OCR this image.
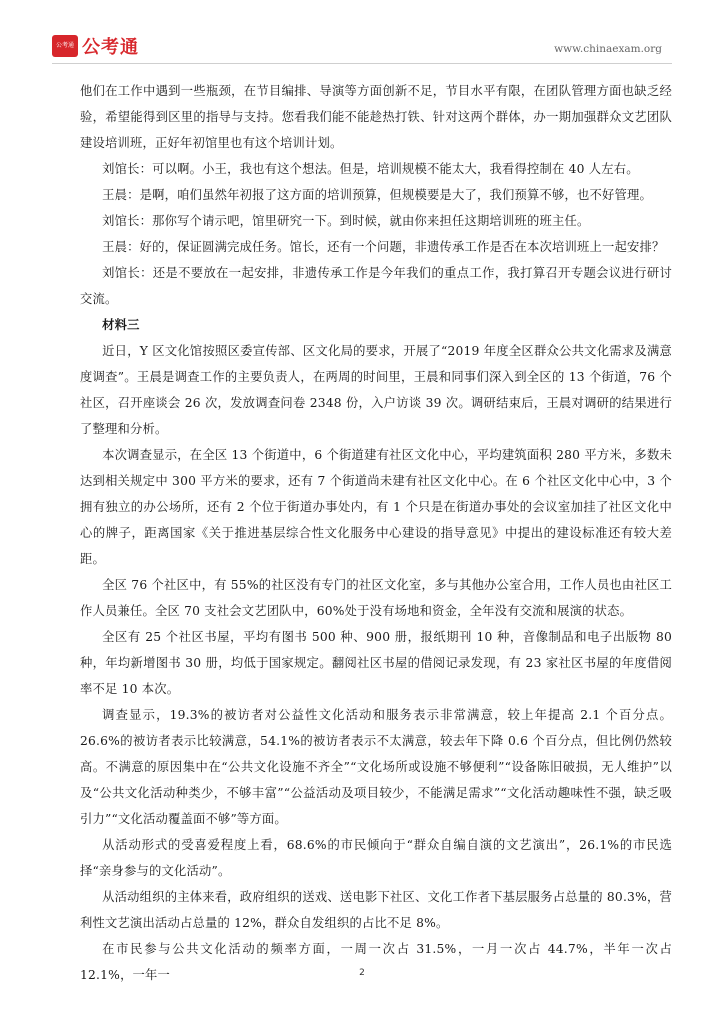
公考通 公考通	www.chinaexam.org

他们在工作中遇到一些瓶颈，在节目编排、导演等方面创新不足，节目水平有限，在团队管理方面也缺乏经验，希望能得到区里的指导与支持。您看我们能不能趁热打铁、针对这两个群体，办一期加强群众文艺团队建设培训班，正好年初馆里也有这个培训计划。

刘馆长：可以啊。小王，我也有这个想法。但是，培训规模不能太大，我看得控制在 40 人左右。

王晨：是啊，咱们虽然年初报了这方面的培训预算，但规模要是大了，我们预算不够，也不好管理。

刘馆长：那你写个请示吧，馆里研究一下。到时候，就由你来担任这期培训班的班主任。

王晨：好的，保证圆满完成任务。馆长，还有一个问题，非遗传承工作是否在本次培训班上一起安排？

刘馆长：还是不要放在一起安排，非遗传承工作是今年我们的重点工作，我打算召开专题会议进行研讨交流。

材料三

近日，Y 区文化馆按照区委宣传部、区文化局的要求，开展了“2019 年度全区群众公共文化需求及满意度调查”。王晨是调查工作的主要负责人，在两周的时间里，王晨和同事们深入到全区的 13 个街道，76 个社区，召开座谈会 26 次，发放调查问卷 2348 份，入户访谈 39 次。调研结束后，王晨对调研的结果进行了整理和分析。

本次调查显示，在全区 13 个街道中，6 个街道建有社区文化中心，平均建筑面积 280 平方米，多数未达到相关规定中 300 平方米的要求，还有 7 个街道尚未建有社区文化中心。在 6 个社区文化中心中，3 个拥有独立的办公场所，还有 2 个位于街道办事处内，有 1 个只是在街道办事处的会议室加挂了社区文化中心的牌子，距离国家《关于推进基层综合性文化服务中心建设的指导意见》中提出的建设标准还有较大差距。

全区 76 个社区中，有 55%的社区没有专门的社区文化室，多与其他办公室合用，工作人员也由社区工作人员兼任。全区 70 支社会文艺团队中，60%处于没有场地和资金，全年没有交流和展演的状态。

全区有 25 个社区书屋，平均有图书 500 种、900 册，报纸期刊 10 种，音像制品和电子出版物 80 种，年均新增图书 30 册，均低于国家规定。翻阅社区书屋的借阅记录发现，有 23 家社区书屋的年度借阅率不足 10 本次。

调查显示，19.3%的被访者对公益性文化活动和服务表示非常满意，较上年提高 2.1 个百分点。26.6%的被访者表示比较满意，54.1%的被访者表示不太满意，较去年下降 0.6 个百分点，但比例仍然较高。不满意的原因集中在“公共文化设施不齐全”“文化场所或设施不够便利”“设备陈旧破损，无人维护”以及“公共文化活动种类少，不够丰富”“公益活动及项目较少，不能满足需求”“文化活动趣味性不强，缺乏吸引力”“文化活动覆盖面不够”等方面。

从活动形式的受喜爱程度上看，68.6%的市民倾向于“群众自编自演的文艺演出”，26.1%的市民选择“亲身参与的文化活动”。

从活动组织的主体来看，政府组织的送戏、送电影下社区、文化工作者下基层服务占总量的 80.3%，营利性文艺演出活动占总量的 12%，群众自发组织的占比不足 8%。

在市民参与公共文化活动的频率方面，一周一次占 31.5%，一月一次占 44.7%，半年一次占 12.1%，一年一	2
